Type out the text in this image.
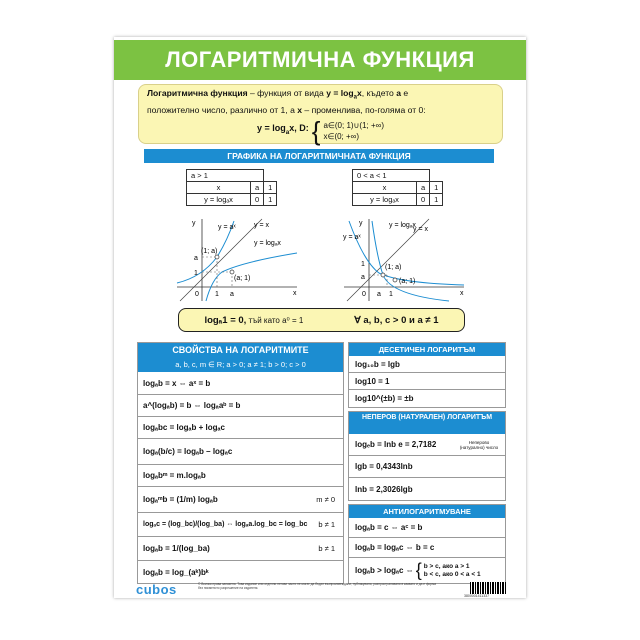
ЛОГАРИТМИЧНА ФУНКЦИЯ
Логаритмична функция – функция от вида $y = \log_ax$, където a е
положително число, различно от 1, а x – променлива, по-голяма от 0:
$y = \log_ax$, D: { a∈(0; 1)∪(1; +∞)
x∈(0; +∞)
ГРАФИКА НА ЛОГАРИТМИЧНАТА ФУНКЦИЯ
a > 1		
x	a	1
y = logₐx	0	1
0 < a < 1		
x	a	1
y = logₐx	0	1
y
x
y = aˣ	y = x
y = logₐx
(1; a)
(a; 1)
a
1
0 1 a
y
x
y = aˣ
y = x
y = logₐx
(1; a)
(a; 1)
1
a
0 a 1
logₐ1 = 0, тъй като a⁰ = 1	∀ a, b, c > 0 и a ≠ 1
СВОЙСТВА НА ЛОГАРИТМИТЕ
a, b, c, m ∈ R; a > 0; a ≠ 1; b > 0; c > 0
logₐb = x ⇔ aˣ = b
a^(logₐb) = b ⇔ logₐaᵇ = b
logₐbc = logₐb + logₐc
logₐ(b/c) = logₐb – logₐc
logₐbᵐ = m.logₐb
logₐᵐb = (1/m) logₐb	m ≠ 0
logₐc = (log_bc)/(log_ba) ⇔ logₐa.log_bc = log_bc b ≠ 1
logₐb = 1/(log_ba)	b ≠ 1
logₐb = log_(aᵏ)bᵏ
ДЕСЕТИЧЕН ЛОГАРИТЪМ
log₁₀b = lgb
log10 = 1
log10^(±b) = ±b
НЕПЕРОВ (НАТУРАЛЕН) ЛОГАРИТЪМ
logₑb = lnb e = 2,7182	Неперово (натурално) число
lgb = 0,4343lnb
lnb = 2,3026lgb
АНТИЛОГАРИТМУВАНЕ
logₐb = c ⇔ aᶜ = b
logₐb = logₐc ⇔ b = c
logₐb > logₐc ⇔ { b > c, ако a > 1
b < c, ако 0 < a < 1
cubos	© Всички права запазени. Това издание или отделни негови части не могат да бъдат възпроизвеждани, публикувани, разпространявани в каквато и да е форма без писменото разрешение на издателя.
3800001411337
